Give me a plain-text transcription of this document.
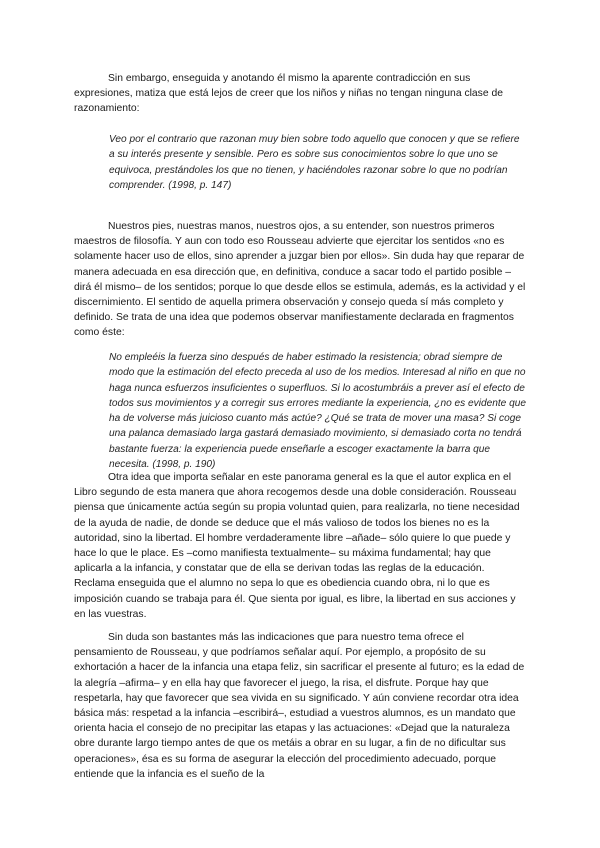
Sin embargo, enseguida y anotando él mismo la aparente contradicción en sus expresiones, matiza que está lejos de creer que los niños y niñas no tengan ninguna clase de razonamiento:

Veo por el contrario que razonan muy bien sobre todo aquello que conocen y que se refiere a su interés presente y sensible. Pero es sobre sus conocimientos sobre lo que uno se equivoca, prestándoles los que no tienen, y haciéndoles razonar sobre lo que no podrían comprender. (1998, p. 147)

Nuestros pies, nuestras manos, nuestros ojos, a su entender, son nuestros primeros maestros de filosofía. Y aun con todo eso Rousseau advierte que ejercitar los sentidos «no es solamente hacer uso de ellos, sino aprender a juzgar bien por ellos». Sin duda hay que reparar de manera adecuada en esa dirección que, en definitiva, conduce a sacar todo el partido posible –dirá él mismo– de los sentidos; porque lo que desde ellos se estimula, además, es la actividad y el discernimiento. El sentido de aquella primera observación y consejo queda sí más completo y definido. Se trata de una idea que podemos observar manifiestamente declarada en fragmentos como éste:

No empleéis la fuerza sino después de haber estimado la resistencia; obrad siempre de modo que la estimación del efecto preceda al uso de los medios. Interesad al niño en que no haga nunca esfuerzos insuficientes o superfluos. Si lo acostumbráis a prever así el efecto de todos sus movimientos y a corregir sus errores mediante la experiencia, ¿no es evidente que ha de volverse más juicioso cuanto más actúe? ¿Qué se trata de mover una masa? Si coge una palanca demasiado larga gastará demasiado movimiento, si demasiado corta no tendrá bastante fuerza: la experiencia puede enseñarle a escoger exactamente la barra que necesita. (1998, p. 190)

Otra idea que importa señalar en este panorama general es la que el autor explica en el Libro segundo de esta manera que ahora recogemos desde una doble consideración. Rousseau piensa que únicamente actúa según su propia voluntad quien, para realizarla, no tiene necesidad de la ayuda de nadie, de donde se deduce que el más valioso de todos los bienes no es la autoridad, sino la libertad. El hombre verdaderamente libre –añade– sólo quiere lo que puede y hace lo que le place. Es –como manifiesta textualmente– su máxima fundamental; hay que aplicarla a la infancia, y constatar que de ella se derivan todas las reglas de la educación. Reclama enseguida que el alumno no sepa lo que es obediencia cuando obra, ni lo que es imposición cuando se trabaja para él. Que sienta por igual, es libre, la libertad en sus acciones y en las vuestras.

Sin duda son bastantes más las indicaciones que para nuestro tema ofrece el pensamiento de Rousseau, y que podríamos señalar aquí. Por ejemplo, a propósito de su exhortación a hacer de la infancia una etapa feliz, sin sacrificar el presente al futuro; es la edad de la alegría –afirma– y en ella hay que favorecer el juego, la risa, el disfrute. Porque hay que respetarla, hay que favorecer que sea vivida en su significado. Y aún conviene recordar otra idea básica más: respetad a la infancia –escribirá–, estudiad a vuestros alumnos, es un mandato que orienta hacia el consejo de no precipitar las etapas y las actuaciones: «Dejad que la naturaleza obre durante largo tiempo antes de que os metáis a obrar en su lugar, a fin de no dificultar sus operaciones», ésa es su forma de asegurar la elección del procedimiento adecuado, porque entiende que la infancia es el sueño de la
